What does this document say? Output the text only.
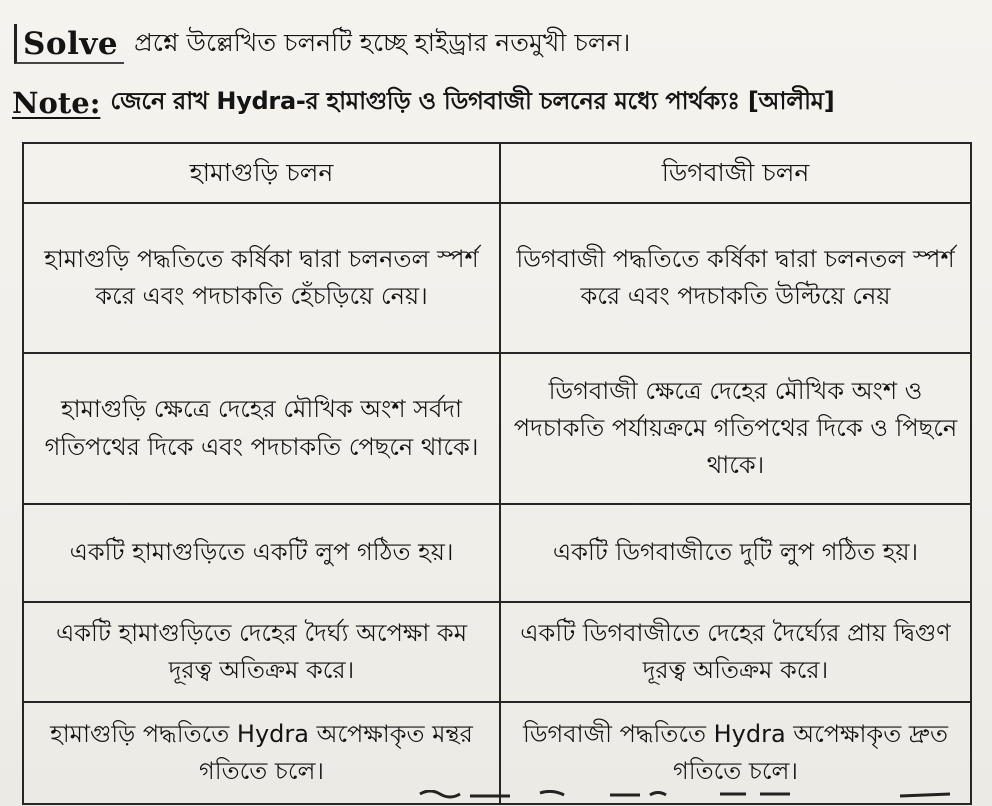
Solve প্রশ্নে উল্লেখিত চলনটি হচ্ছে হাইড্রার নতমুখী চলন।
Note: জেনে রাখ Hydra-র হামাগুড়ি ও ডিগবাজী চলনের মধ্যে পার্থক্যঃ [আলীম]
হামাগুড়ি চলন	ডিগবাজী চলন
হামাগুড়ি পদ্ধতিতে কর্ষিকা দ্বারা চলনতল স্পর্শ করে এবং পদচাকতি হেঁচড়িয়ে নেয়।	ডিগবাজী পদ্ধতিতে কর্ষিকা দ্বারা চলনতল স্পর্শ করে এবং পদচাকতি উল্টিয়ে নেয়
হামাগুড়ি ক্ষেত্রে দেহের মৌখিক অংশ সর্বদা গতিপথের দিকে এবং পদচাকতি পেছনে থাকে।	ডিগবাজী ক্ষেত্রে দেহের মৌখিক অংশ ও পদচাকতি পর্যায়ক্রমে গতিপথের দিকে ও পিছনে থাকে।
একটি হামাগুড়িতে একটি লুপ গঠিত হয়।	একটি ডিগবাজীতে দুটি লুপ গঠিত হয়।
একটি হামাগুড়িতে দেহের দৈর্ঘ্য অপেক্ষা কম দূরত্ব অতিক্রম করে।	একটি ডিগবাজীতে দেহের দৈর্ঘ্যের প্রায় দ্বিগুণ দূরত্ব অতিক্রম করে।
হামাগুড়ি পদ্ধতিতে Hydra অপেক্ষাকৃত মন্থর গতিতে চলে।	ডিগবাজী পদ্ধতিতে Hydra অপেক্ষাকৃত দ্রুত গতিতে চলে।
